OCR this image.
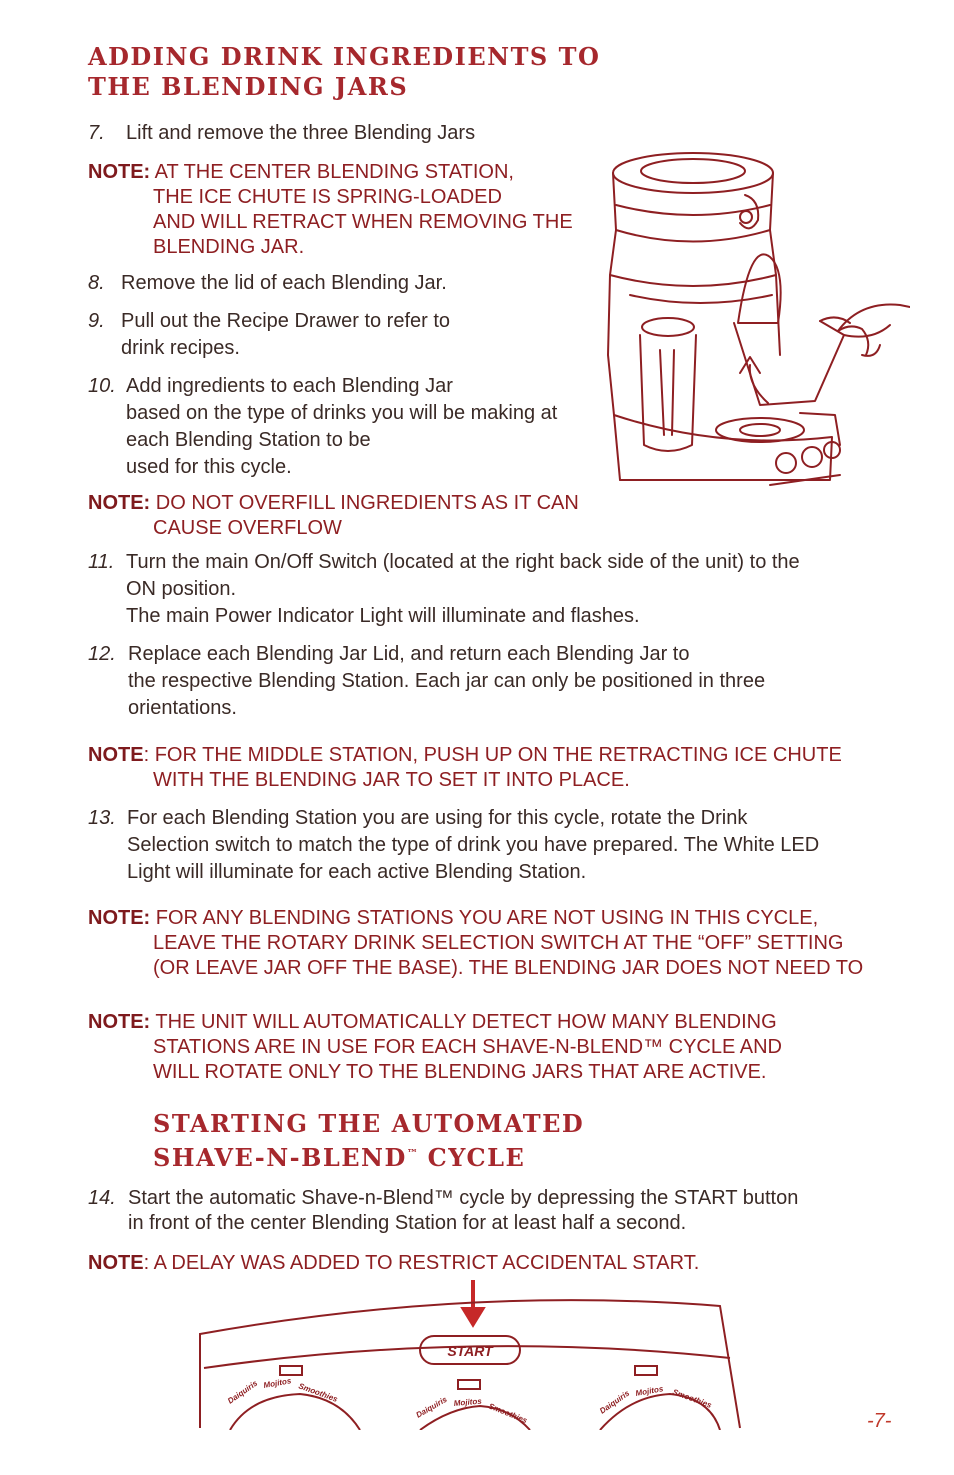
ADDING DRINK INGREDIENTS TO

THE BLENDING JARS

7. Lift and remove the three Blending Jars

NOTE: AT THE CENTER BLENDING STATION,
THE ICE CHUTE IS SPRING-LOADED
AND WILL RETRACT WHEN REMOVING THE
BLENDING JAR.

8. Remove the lid of each Blending Jar.

9. Pull out the Recipe Drawer to refer to
drink recipes.
10. Add ingredients to each Blending Jar
based on the type of drinks you will be making at
each Blending Station to be
used for this cycle.
NOTE: DO NOT OVERFILL INGREDIENTS AS IT CAN
CAUSE OVERFLOW
11. Turn the main On/Off Switch (located at the right back side of the unit) to the
ON position.
The main Power Indicator Light will illuminate and flashes.
12. Replace each Blending Jar Lid, and return each Blending Jar to
the respective Blending Station. Each jar can only be positioned in three
orientations.
NOTE: FOR THE MIDDLE STATION, PUSH UP ON THE RETRACTING ICE CHUTE
WITH THE BLENDING JAR TO SET IT INTO PLACE.
13. For each Blending Station you are using for this cycle, rotate the Drink
Selection switch to match the type of drink you have prepared. The White LED
Light will illuminate for each active Blending Station.
NOTE: FOR ANY BLENDING STATIONS YOU ARE NOT USING IN THIS CYCLE,
LEAVE THE ROTARY DRINK SELECTION SWITCH AT THE “OFF” SETTING
(OR LEAVE JAR OFF THE BASE). THE BLENDING JAR DOES NOT NEED TO
NOTE: THE UNIT WILL AUTOMATICALLY DETECT HOW MANY BLENDING
STATIONS ARE IN USE FOR EACH SHAVE-N-BLEND™ CYCLE AND
WILL ROTATE ONLY TO THE BLENDING JARS THAT ARE ACTIVE.

STARTING THE AUTOMATED

SHAVE-N-BLEND™ CYCLE

14. Start the automatic Shave-n-Blend™ cycle by depressing the START button
in front of the center Blending Station for at least half a second.
NOTE: A DELAY WAS ADDED TO RESTRICT ACCIDENTAL START.
START
Daiquiris Mojitos Smoothies
Daiquiris Mojitos Smoothies	Daiquiris Mojitos Smoothies
-7-
